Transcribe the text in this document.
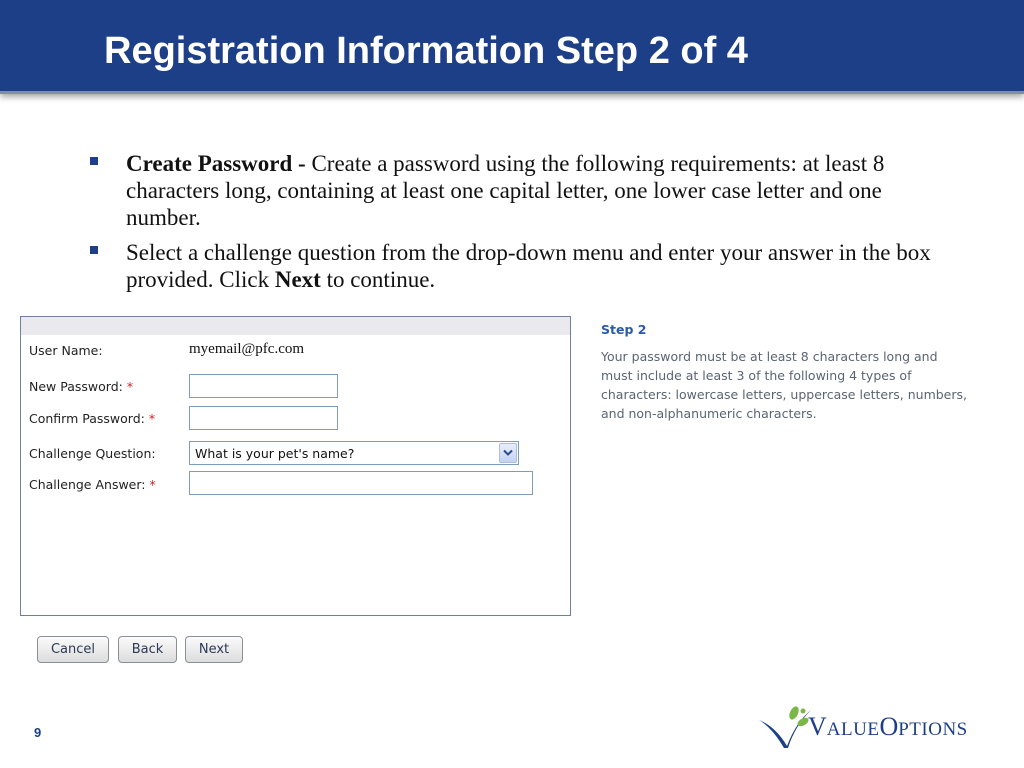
Registration Information Step 2 of 4
Create Password - Create a password using the following requirements: at least 8 characters long, containing at least one capital letter, one lower case letter and one number.
Select a challenge question from the drop-down menu and enter your answer in the box provided. Click Next to continue.
User Name:	myemail@pfc.com
New Password: *
Confirm Password: *
Challenge Question:	What is your pet's name?
Challenge Answer: *
Step 2
Your password must be at least 8 characters long and must include at least 3 of the following 4 types of characters: lowercase letters, uppercase letters, numbers, and non-alphanumeric characters.
Cancel	Back	Next
9	VALUEOPTIONS
